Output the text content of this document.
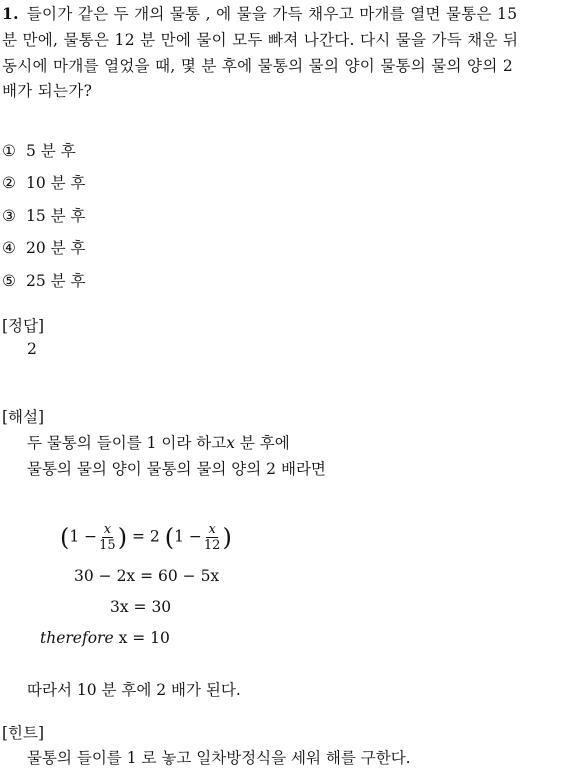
1. 들이가 같은 두 개의 물통 , 에 물을 가득 채우고 마개를 열면 물통은 15
분 만에, 물통은 12 분 만에 물이 모두 빠져 나간다. 다시 물을 가득 채운 뒤
동시에 마개를 열었을 때, 몇 분 후에 물통의 물의 양이 물통의 물의 양의 2
배가 되는가?
① 5 분 후
② 10 분 후
③ 15 분 후
④ 20 분 후
⑤ 25 분 후
[정답]
2
[해설]
두 물통의 들이를 1 이라 하고x 분 후에
물통의 물의 양이 물통의 물의 양의 2 배라면
($1 - \frac{x}{15}$ ) = 2 ($1 - \frac{x}{12}$ )
30 − 2x = 60 − 5x
3x = 30
therefore x = 10
따라서 10 분 후에 2 배가 된다.
[힌트]
물통의 들이를 1 로 놓고 일차방정식을 세워 해를 구한다.
